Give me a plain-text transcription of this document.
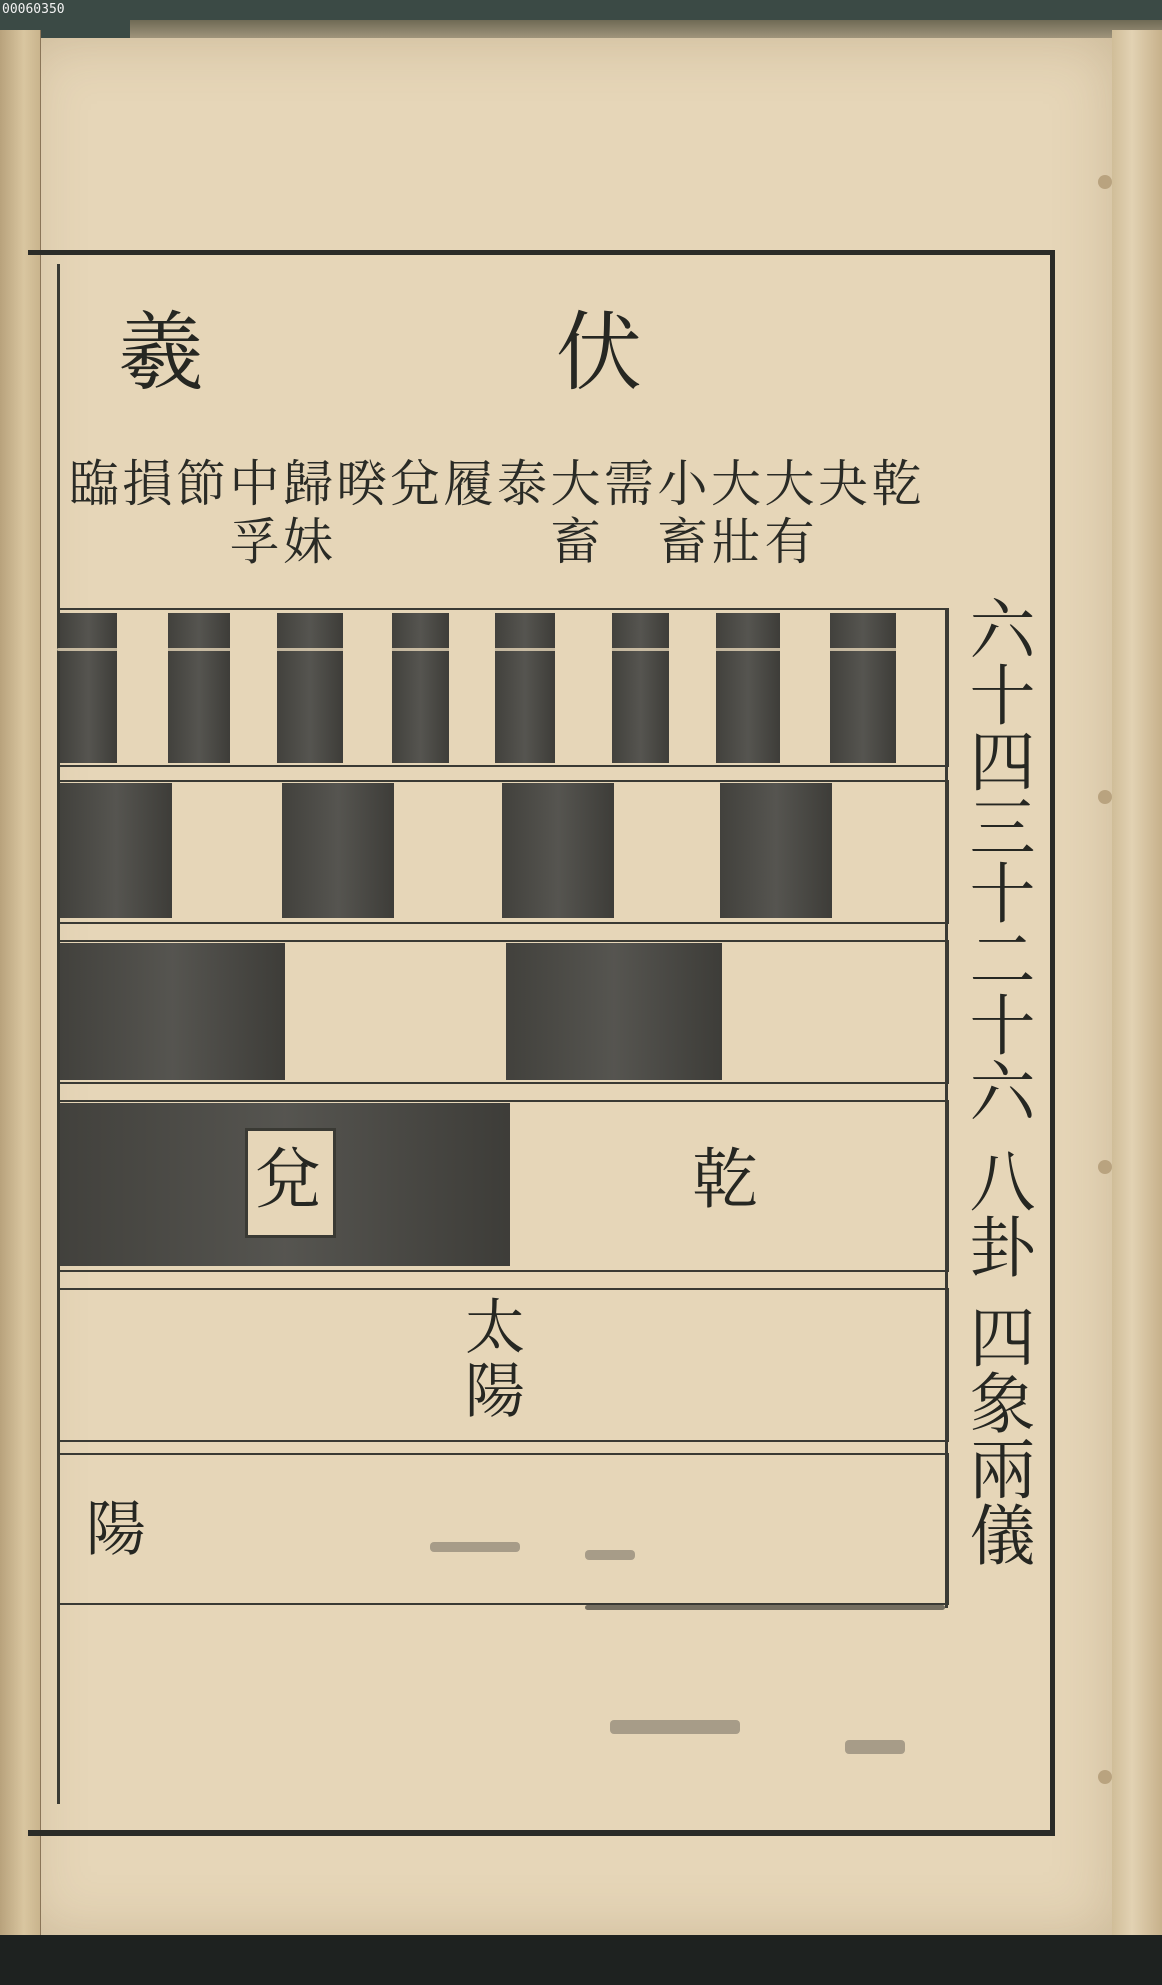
00060350
羲	伏
臨 損 節 中
孚
歸
妹
暌 兌 履 泰 大
畜
需 小
畜
大
壯
大
有
夬 乾
兌	乾
太
陽
陽
六
十
四
三
十
二
十
六
八
卦
四
象
兩
儀
